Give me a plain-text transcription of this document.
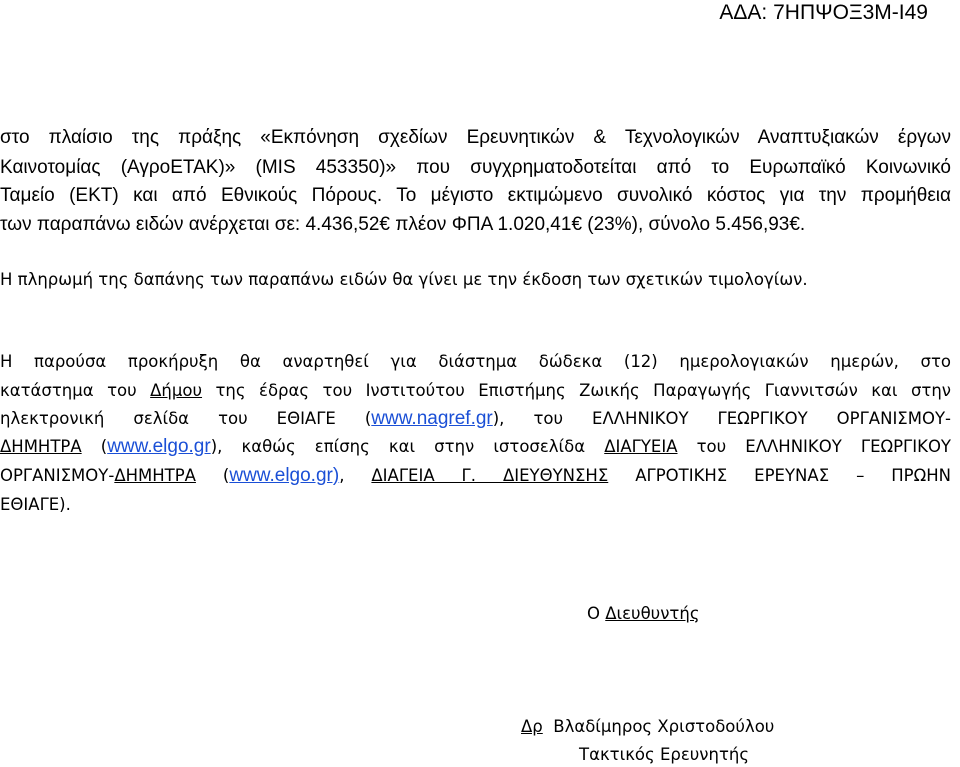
ΑΔΑ: 7ΗΠΨΟΞ3Μ-Ι49
στο πλαίσιο της πράξης «Εκπόνηση σχεδίων Ερευνητικών & Τεχνολογικών Αναπτυξιακών έργων
Καινοτομίας (ΑγροΕΤΑΚ)» (MIS 453350)» που συγχρηματοδοτείται από το Ευρωπαϊκό Κοινωνικό
Ταμείο (ΕΚΤ) και από Εθνικούς Πόρους. Το μέγιστο εκτιμώμενο συνολικό κόστος για την προμήθεια
των παραπάνω ειδών ανέρχεται σε: 4.436,52€ πλέον ΦΠΑ 1.020,41€ (23%), σύνολο 5.456,93€.
Η πληρωμή της δαπάνης των παραπάνω ειδών θα γίνει με την έκδοση των σχετικών τιμολογίων.
Η παρούσα προκήρυξη θα αναρτηθεί για διάστημα δώδεκα (12) ημερολογιακών ημερών, στο
κατάστημα του Δήμου της έδρας του Ινστιτούτου Επιστήμης Ζωικής Παραγωγής Γιαννιτσών και στην
ηλεκτρονική σελίδα του ΕΘΙΑΓΕ (www.nagref.gr), του ΕΛΛΗΝΙΚΟΥ ΓΕΩΡΓΙΚΟΥ ΟΡΓΑΝΙΣΜΟΥ-
ΔΗΜΗΤΡΑ (www.elgo.gr), καθώς επίσης και στην ιστοσελίδα ΔΙΑΓΥΕΙΑ του ΕΛΛΗΝΙΚΟΥ ΓΕΩΡΓΙΚΟΥ
ΟΡΓΑΝΙΣΜΟΥ-ΔΗΜΗΤΡΑ (www.elgo.gr), ΔΙΑΓΕΙΑ Γ. ΔΙΕΥΘΥΝΣΗΣ ΑΓΡΟΤΙΚΗΣ ΕΡΕΥΝΑΣ – ΠΡΩΗΝ
ΕΘΙΑΓΕ).
Ο Διευθυντής
Δρ  Βλαδίμηρος Χριστοδούλου
Τακτικός Ερευνητής
